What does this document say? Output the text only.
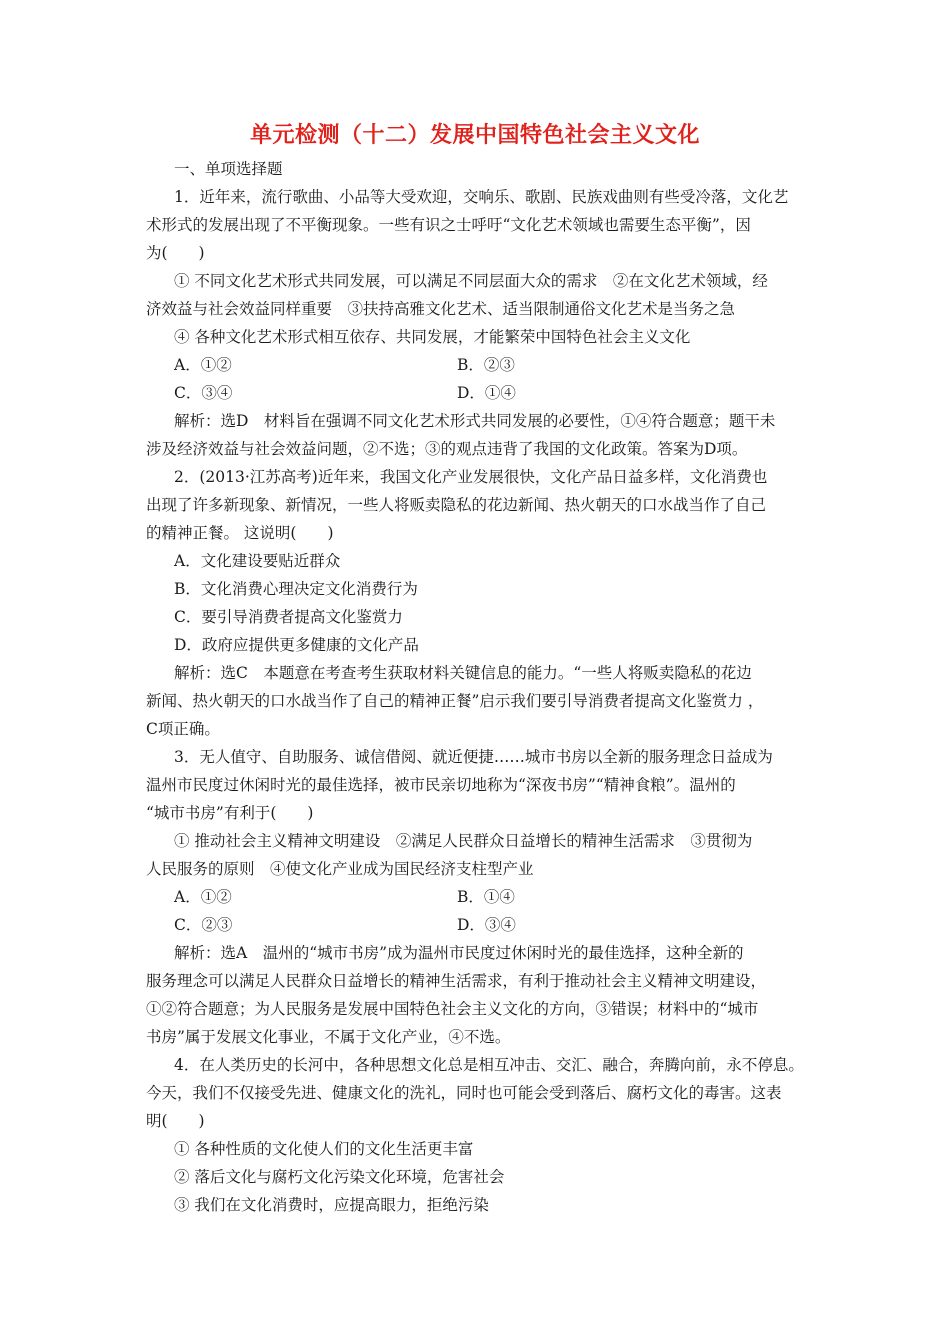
单元检测（十二）发展中国特色社会主义文化
一、单项选择题
1．近年来，流行歌曲、小品等大受欢迎，交响乐、歌剧、民族戏曲则有些受冷落，文化艺
术形式的发展出现了不平衡现象。一些有识之士呼吁“文化艺术领域也需要生态平衡”，因
为(　　)
① 不同文化艺术形式共同发展，可以满足不同层面大众的需求　②在文化艺术领域，经
济效益与社会效益同样重要　③扶持高雅文化艺术、适当限制通俗文化艺术是当务之急
④ 各种文化艺术形式相互依存、共同发展，才能繁荣中国特色社会主义文化
A．①②	B．②③
C．③④	D．①④
解析：选D　材料旨在强调不同文化艺术形式共同发展的必要性，①④符合题意；题干未
涉及经济效益与社会效益问题，②不选；③的观点违背了我国的文化政策。答案为D项。
2．(2013·江苏高考)近年来，我国文化产业发展很快，文化产品日益多样，文化消费也
出现了许多新现象、新情况，一些人将贩卖隐私的花边新闻、热火朝天的口水战当作了自己
的精神正餐。 这说明(　　)
A．文化建设要贴近群众
B．文化消费心理决定文化消费行为
C．要引导消费者提高文化鉴赏力
D．政府应提供更多健康的文化产品
解析：选C　本题意在考查考生获取材料关键信息的能力。“一些人将贩卖隐私的花边
新闻、热火朝天的口水战当作了自己的精神正餐”启示我们要引导消费者提高文化鉴赏力 ，
C项正确。
3．无人值守、自助服务、诚信借阅、就近便捷……城市书房以全新的服务理念日益成为
温州市民度过休闲时光的最佳选择，被市民亲切地称为“深夜书房”“精神食粮”。温州的
“城市书房”有利于(　　)
① 推动社会主义精神文明建设　②满足人民群众日益增长的精神生活需求　③贯彻为
人民服务的原则　④使文化产业成为国民经济支柱型产业
A．①②	B．①④
C．②③	D．③④
解析：选A　温州的“城市书房”成为温州市民度过休闲时光的最佳选择，这种全新的
服务理念可以满足人民群众日益增长的精神生活需求，有利于推动社会主义精神文明建设，
①②符合题意；为人民服务是发展中国特色社会主义文化的方向，③错误；材料中的“城市
书房”属于发展文化事业，不属于文化产业，④不选。
4．在人类历史的长河中，各种思想文化总是相互冲击、交汇、融合，奔腾向前，永不停息。
今天，我们不仅接受先进、健康文化的洗礼，同时也可能会受到落后、腐朽文化的毒害。这表
明(　　)
① 各种性质的文化使人们的文化生活更丰富
② 落后文化与腐朽文化污染文化环境，危害社会
③ 我们在文化消费时，应提高眼力，拒绝污染
